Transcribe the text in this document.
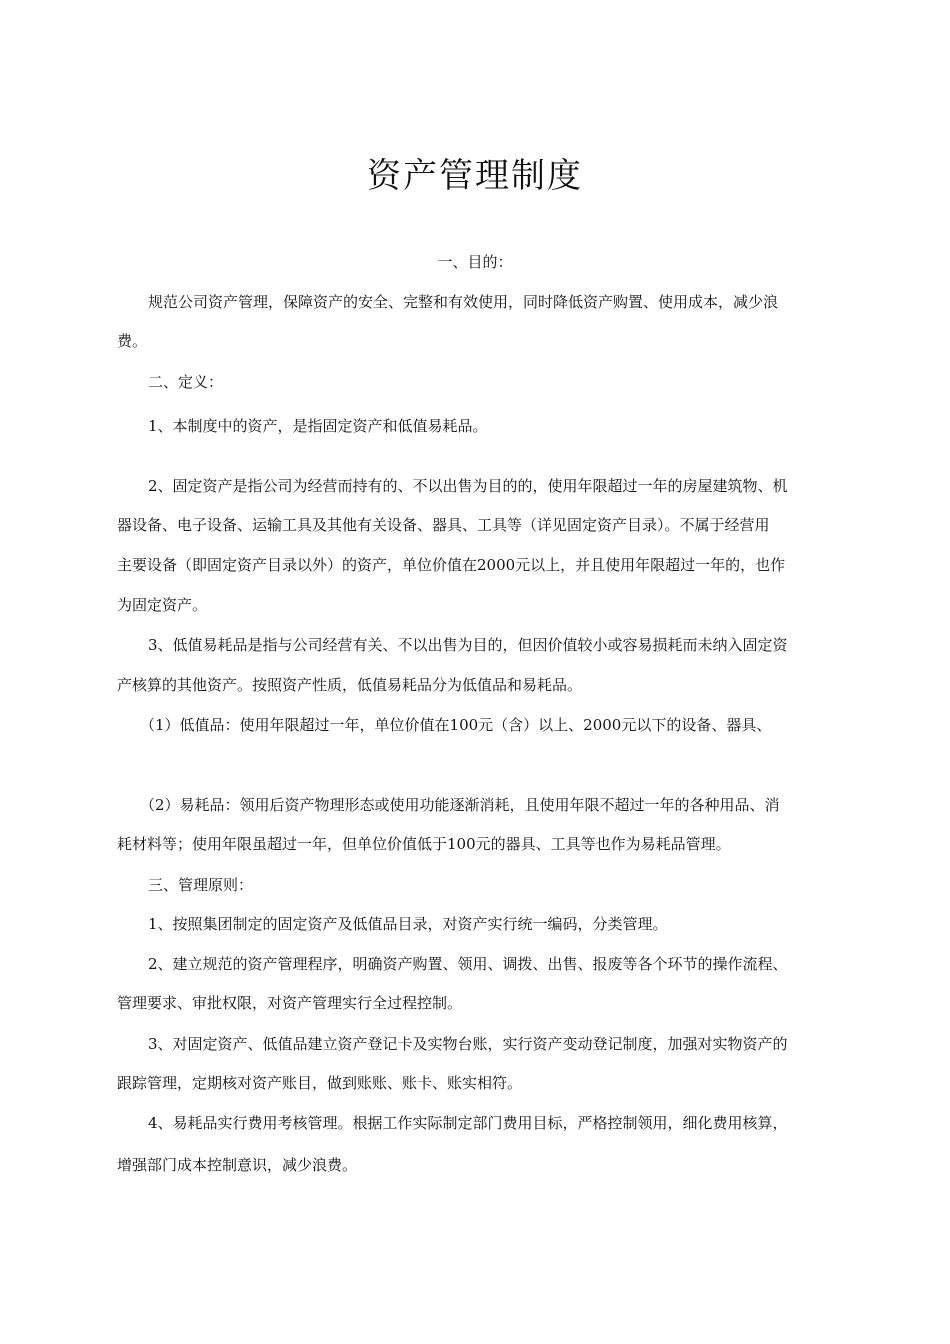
资产管理制度
一、目的：
规范公司资产管理，保障资产的安全、完整和有效使用，同时降低资产购置、使用成本，减少浪
费。
二、定义：
1、本制度中的资产，是指固定资产和低值易耗品。
2、固定资产是指公司为经营而持有的、不以出售为目的的，使用年限超过一年的房屋建筑物、机
器设备、电子设备、运输工具及其他有关设备、器具、工具等（详见固定资产目录）。不属于经营用
主要设备（即固定资产目录以外）的资产，单位价值在2000元以上，并且使用年限超过一年的，也作
为固定资产。
3、低值易耗品是指与公司经营有关、不以出售为目的，但因价值较小或容易损耗而未纳入固定资
产核算的其他资产。按照资产性质，低值易耗品分为低值品和易耗品。
（1）低值品：使用年限超过一年，单位价值在100元（含）以上、2000元以下的设备、器具、
（2）易耗品：领用后资产物理形态或使用功能逐渐消耗，且使用年限不超过一年的各种用品、消
耗材料等；使用年限虽超过一年，但单位价值低于100元的器具、工具等也作为易耗品管理。
三、管理原则：
1、按照集团制定的固定资产及低值品目录，对资产实行统一编码，分类管理。
2、建立规范的资产管理程序，明确资产购置、领用、调拨、出售、报废等各个环节的操作流程、
管理要求、审批权限，对资产管理实行全过程控制。
3、对固定资产、低值品建立资产登记卡及实物台账，实行资产变动登记制度，加强对实物资产的
跟踪管理，定期核对资产账目，做到账账、账卡、账实相符。
4、易耗品实行费用考核管理。根据工作实际制定部门费用目标，严格控制领用，细化费用核算，
增强部门成本控制意识，减少浪费。
